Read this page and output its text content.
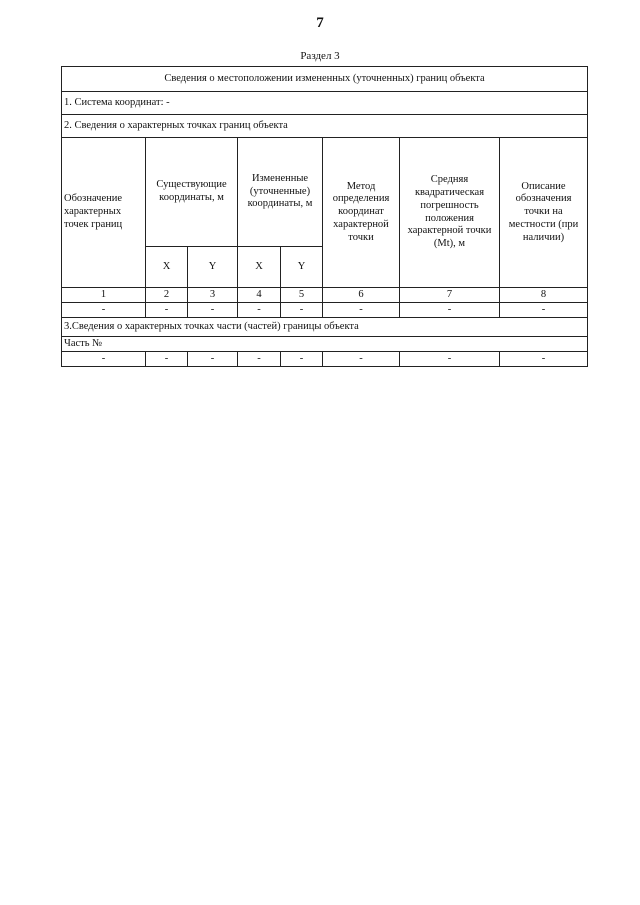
7
Раздел 3
Сведения о местоположении измененных (уточненных) границ объекта							
1. Система координат: -							
2. Сведения о характерных точках границ объекта							
Обозначение характерных точек границ	Существующие координаты, м		Измененные (уточненные) координаты, м		Метод определения координат характерной точки	Средняя квадратическая погрешность положения характерной точки (Mt), м	Описание обозначения точки на местности (при наличии)
	X	Y	X	Y			
1	2	3	4	5	6	7	8
-	-	-	-	-	-	-	-
3.Сведения о характерных точках части (частей) границы объекта							
Часть №							
-	-	-	-	-	-	-	-
